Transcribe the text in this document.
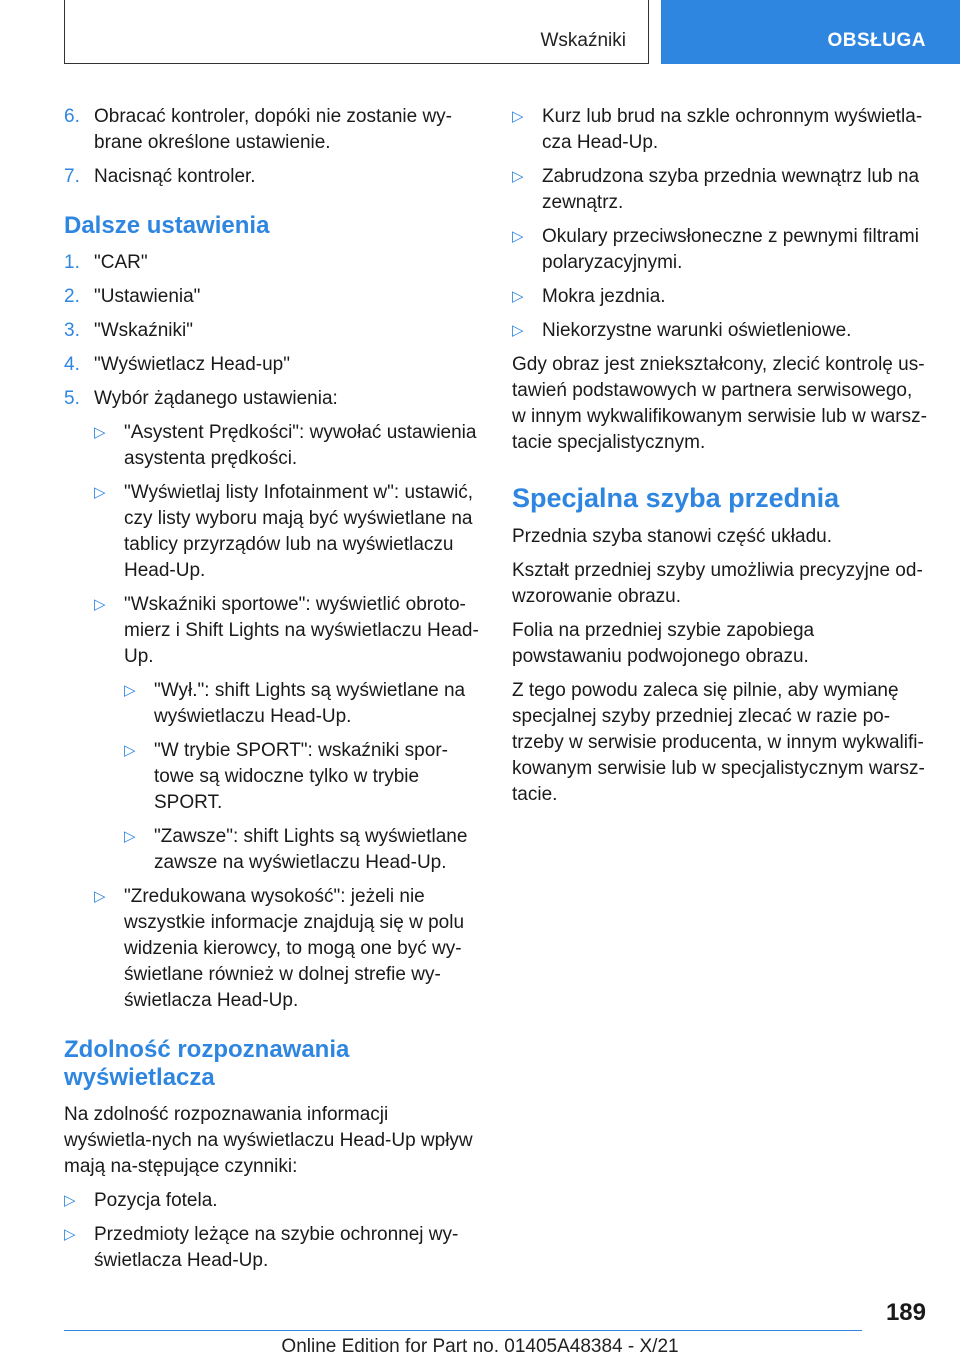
Wskaźniki	OBSŁUGA
6. Obracać kontroler, dopóki nie zostanie wy-
brane określone ustawienie.
7. Nacisnąć kontroler.
Dalsze ustawienia
1. "CAR"
2. "Ustawienia"
3. "Wskaźniki"
4. "Wyświetlacz Head-up"
5. Wybór żądanego ustawienia:
▷ "Asystent Prędkości": wywołać ustawienia asystenta prędkości.
▷ "Wyświetlaj listy Infotainment w": ustawić, czy listy wyboru mają być wyświetlane na tablicy przyrządów lub na wyświetlaczu Head-Up.
▷ "Wskaźniki sportowe": wyświetlić obroto-mierz i Shift Lights na wyświetlaczu Head-Up.
▷ "Wył.": shift Lights są wyświetlane na wyświetlaczu Head-Up.
▷ "W trybie SPORT": wskaźniki spor-towe są widoczne tylko w trybie SPORT.
▷ "Zawsze": shift Lights są wyświetlane zawsze na wyświetlaczu Head-Up.
▷ "Zredukowana wysokość": jeżeli nie wszystkie informacje znajdują się w polu widzenia kierowcy, to mogą one być wy-świetlane również w dolnej strefie wy-świetlacza Head-Up.
Zdolność rozpoznawania wyświetlacza
Na zdolność rozpoznawania informacji wyświetla-nych na wyświetlaczu Head-Up wpływ mają na-stępujące czynniki:
▷ Pozycja fotela.
▷ Przedmioty leżące na szybie ochronnej wy-świetlacza Head-Up.
▷ Kurz lub brud na szkle ochronnym wyświetla-cza Head-Up.
▷ Zabrudzona szyba przednia wewnątrz lub na zewnątrz.
▷ Okulary przeciwsłoneczne z pewnymi filtrami polaryzacyjnymi.
▷ Mokra jezdnia.
▷ Niekorzystne warunki oświetleniowe.
Gdy obraz jest zniekształcony, zlecić kontrolę us-tawień podstawowych w partnera serwisowego, w innym wykwalifikowanym serwisie lub w warsz-tacie specjalistycznym.
Specjalna szyba przednia
Przednia szyba stanowi część układu.
Kształt przedniej szyby umożliwia precyzyjne od-wzorowanie obrazu.
Folia na przedniej szybie zapobiega powstawaniu podwojonego obrazu.
Z tego powodu zaleca się pilnie, aby wymianę specjalnej szyby przedniej zlecać w razie po-trzeby w serwisie producenta, w innym wykwalifi-kowanym serwisie lub w specjalistycznym warsz-tacie.
189
Online Edition for Part no. 01405A48384 - X/21
